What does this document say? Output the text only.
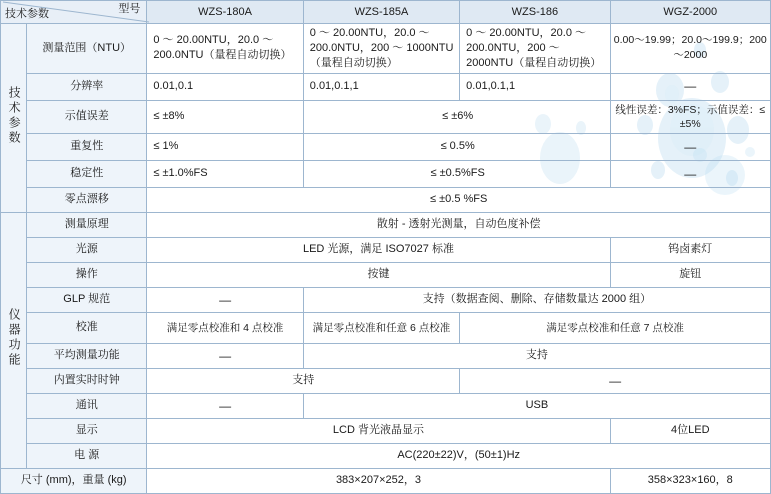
技术参数 型号		WZS-180A	WZS-185A	WZS-186	WGZ-2000
技术参数	测量范围（NTU）	0 ～ 20.00NTU，20.0 ～ 200.0NTU（量程自动切换）	0 ～ 20.00NTU，20.0 ～ 200.0NTU，200 ～ 1000NTU（量程自动切换）	0 ～ 20.00NTU，20.0 ～ 200.0NTU，200 ～ 2000NTU（量程自动切换）	0.00～19.99；20.0～199.9；200～2000
	分辨率	0.01,0.1	0.01,0.1,1	0.01,0.1,1	—
	示值误差	≤ ±8%	≤ ±6%		线性误差：3%FS；示值误差：≤ ±5%
	重复性	≤ 1%	≤ 0.5%		—
	稳定性	≤ ±1.0%FS	≤ ±0.5%FS		—
	零点漂移	≤ ±0.5 %FS			
仪器功能	测量原理	散射 - 透射光测量，自动色度补偿			
	光源	LED 光源，满足 ISO7027 标准			钨卤素灯
	操作	按键			旋钮
	GLP 规范	—	支持（数据查阅、删除、存储数量达 2000 组）		
	校准	满足零点校准和 4 点校准	满足零点校准和任意 6 点校准	满足零点校准和任意 7 点校准	
	平均测量功能	—	支持		
	内置实时时钟	支持		—	
	通讯	—	USB		
	显示	LCD 背光液晶显示			4位LED
	电 源	AC(220±22)V，(50±1)Hz			
尺寸 (mm)，重量 (kg)		383×207×252，3			358×323×160，8
